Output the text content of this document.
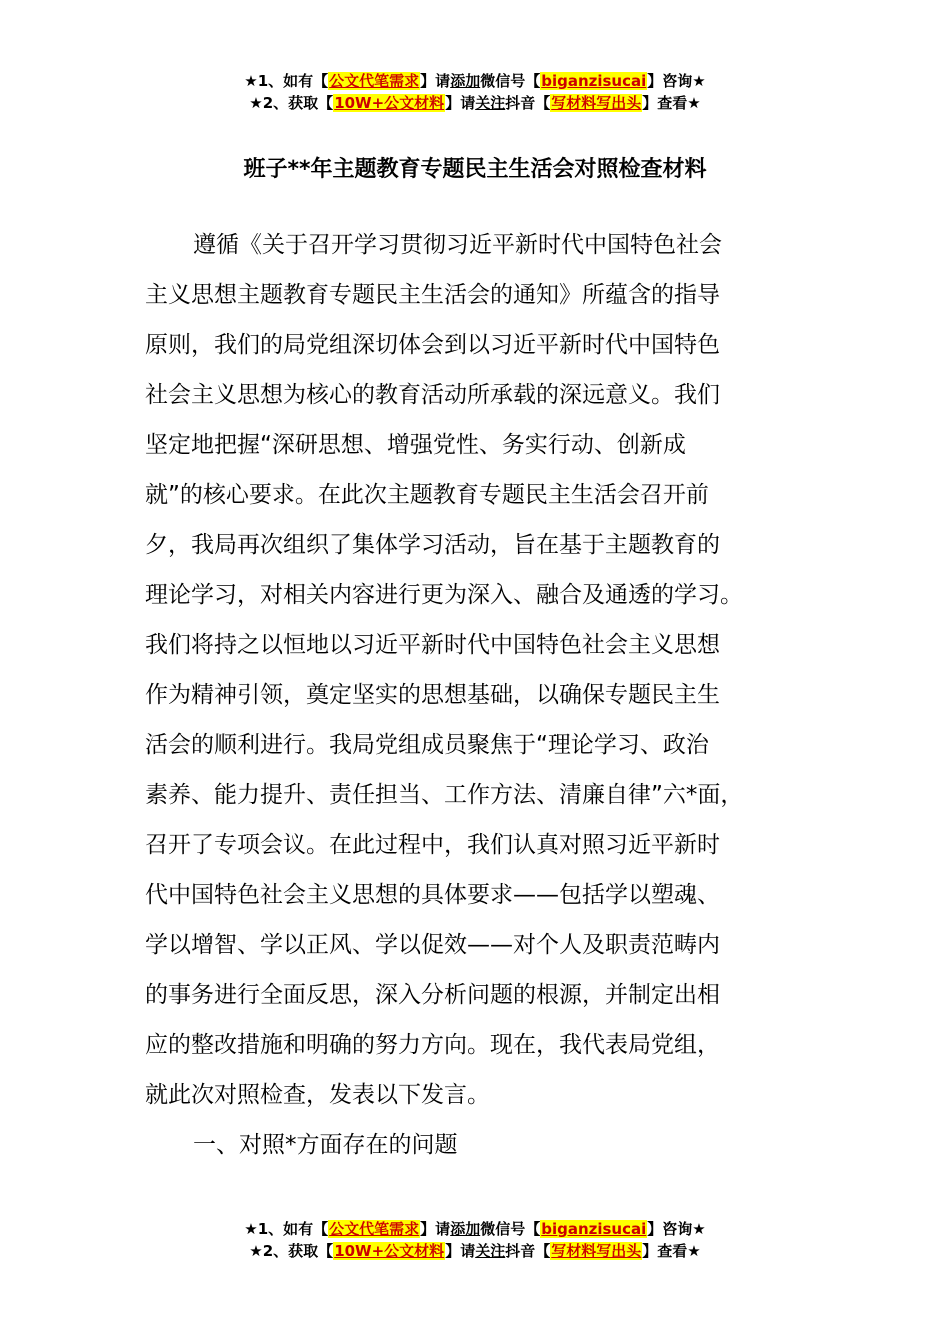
★1、如有【公文代笔需求】请添加微信号【biganzisucai】咨询★
★2、获取【10W+公文材料】请关注抖音【写材料写出头】查看★
班子**年主题教育专题民主生活会对照检查材料
遵循《关于召开学习贯彻习近平新时代中国特色社会
主义思想主题教育专题民主生活会的通知》所蕴含的指导
原则，我们的局党组深切体会到以习近平新时代中国特色
社会主义思想为核心的教育活动所承载的深远意义。我们
坚定地把握“深研思想、增强党性、务实行动、创新成
就”的核心要求。在此次主题教育专题民主生活会召开前
夕，我局再次组织了集体学习活动，旨在基于主题教育的
理论学习，对相关内容进行更为深入、融合及通透的学习。
我们将持之以恒地以习近平新时代中国特色社会主义思想
作为精神引领，奠定坚实的思想基础，以确保专题民主生
活会的顺利进行。我局党组成员聚焦于“理论学习、政治
素养、能力提升、责任担当、工作方法、清廉自律”六*面，
召开了专项会议。在此过程中，我们认真对照习近平新时
代中国特色社会主义思想的具体要求——包括学以塑魂、
学以增智、学以正风、学以促效——对个人及职责范畴内
的事务进行全面反思，深入分析问题的根源，并制定出相
应的整改措施和明确的努力方向。现在，我代表局党组，
就此次对照检查，发表以下发言。
一、对照*方面存在的问题
★1、如有【公文代笔需求】请添加微信号【biganzisucai】咨询★
★2、获取【10W+公文材料】请关注抖音【写材料写出头】查看★
